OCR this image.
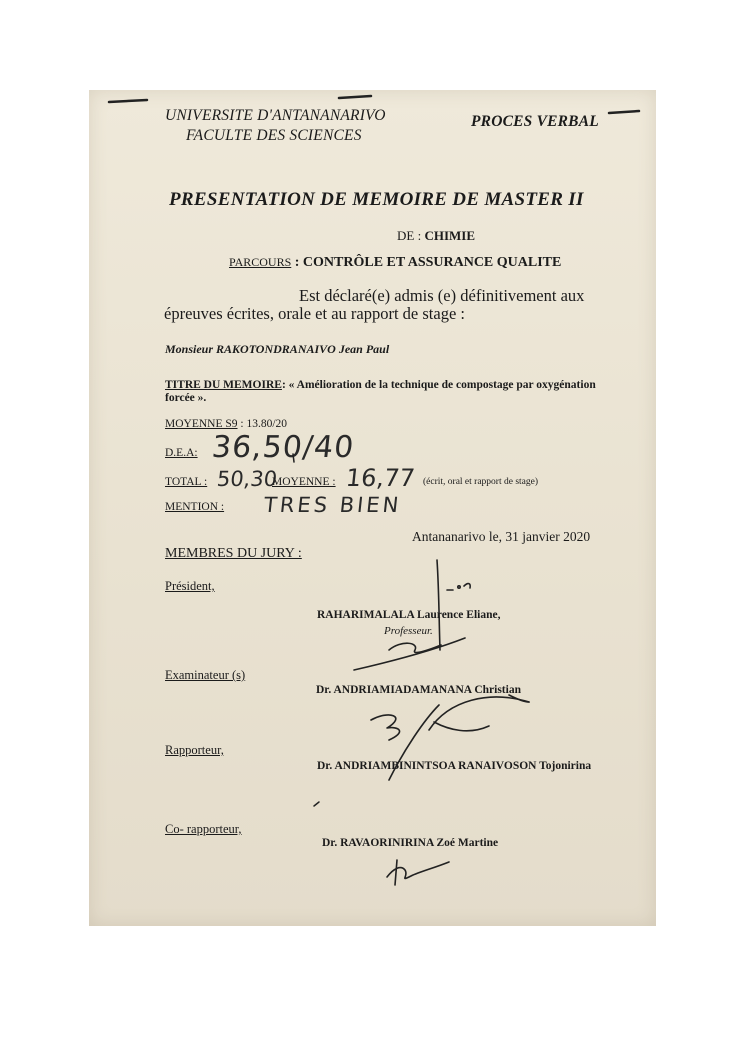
UNIVERSITE D'ANTANANARIVO
FACULTE DES SCIENCES
PROCES VERBAL
PRESENTATION DE MEMOIRE DE MASTER II
DE : CHIMIE
PARCOURS : CONTRÔLE ET ASSURANCE QUALITE
Est déclaré(e) admis (e) définitivement aux
épreuves écrites, orale et au rapport de stage :
Monsieur RAKOTONDRANAIVO Jean Paul
TITRE DU MEMOIRE: « Amélioration de la technique de compostage par oxygénation
forcée ».
MOYENNE S9 : 13.80/20
D.E.A: 36,50/40
TOTAL : 50,30
MOYENNE : 16,77 (écrit, oral et rapport de stage)
MENTION : TRES BIEN
Antananarivo le, 31 janvier 2020
MEMBRES DU JURY :
Président,
RAHARIMALALA Laurence Eliane,
Professeur.
Examinateur (s)
Dr. ANDRIAMIADAMANANA Christian
Rapporteur,
Dr. ANDRIAMBININTSOA RANAIVOSON Tojonirina
Co- rapporteur,
Dr. RAVAORINIRINA Zoé Martine
